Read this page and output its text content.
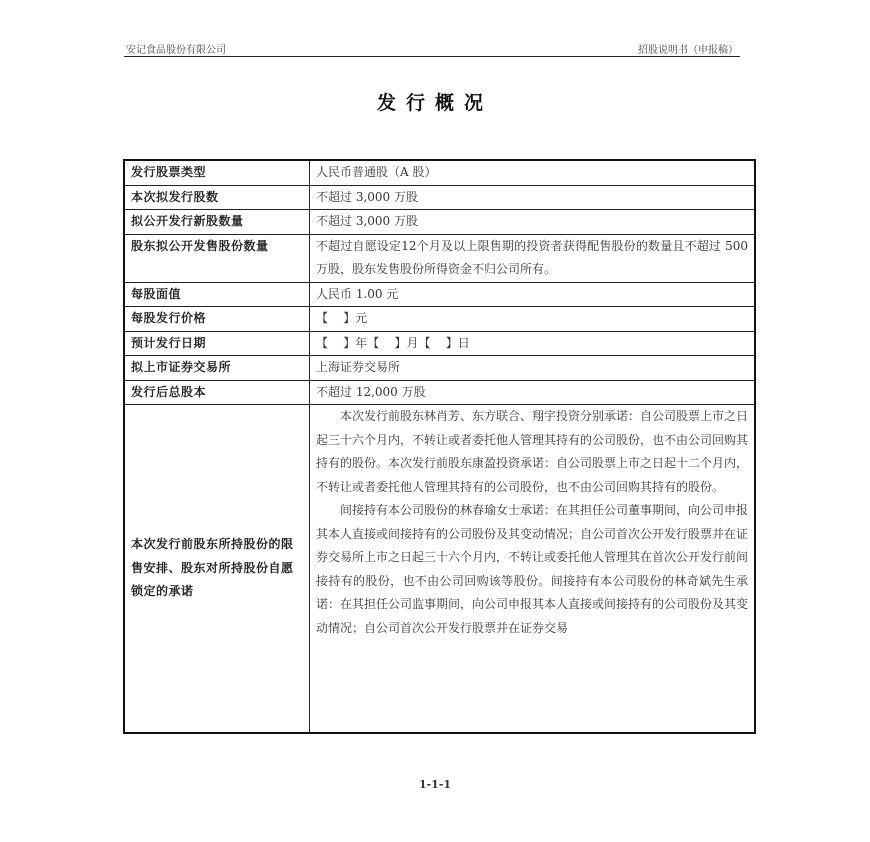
安记食品股份有限公司	招股说明书（申报稿）
发行概况
发行股票类型	人民币普通股（A 股）
本次拟发行股数	不超过 3,000 万股
拟公开发行新股数量	不超过 3,000 万股
股东拟公开发售股份数量	不超过自愿设定12个月及以上限售期的投资者获得配售股份的数量且不超过 500 万股，股东发售股份所得资金不归公司所有。
每股面值	人民币 1.00 元
每股发行价格	【    】元
预计发行日期	【    】年【    】月【    】日
拟上市证券交易所	上海证券交易所
发行后总股本	不超过 12,000 万股
本次发行前股东所持股份的限售安排、股东对所持股份自愿锁定的承诺	本次发行前股东林肖芳、东方联合、翔宇投资分别承诺：自公司股票上市之日起三十六个月内，不转让或者委托他人管理其持有的公司股份，也不由公司回购其持有的股份。本次发行前股东康盈投资承诺：自公司股票上市之日起十二个月内，不转让或者委托他人管理其持有的公司股份，也不由公司回购其持有的股份。

间接持有本公司股份的林春瑜女士承诺：在其担任公司董事期间，向公司申报其本人直接或间接持有的公司股份及其变动情况；自公司首次公开发行股票并在证券交易所上市之日起三十六个月内，不转让或委托他人管理其在首次公开发行前间接持有的股份，也不由公司回购该等股份。间接持有本公司股份的林奇斌先生承诺：在其担任公司监事期间，向公司申报其本人直接或间接持有的公司股份及其变动情况；自公司首次公开发行股票并在证券交易

1-1-1
